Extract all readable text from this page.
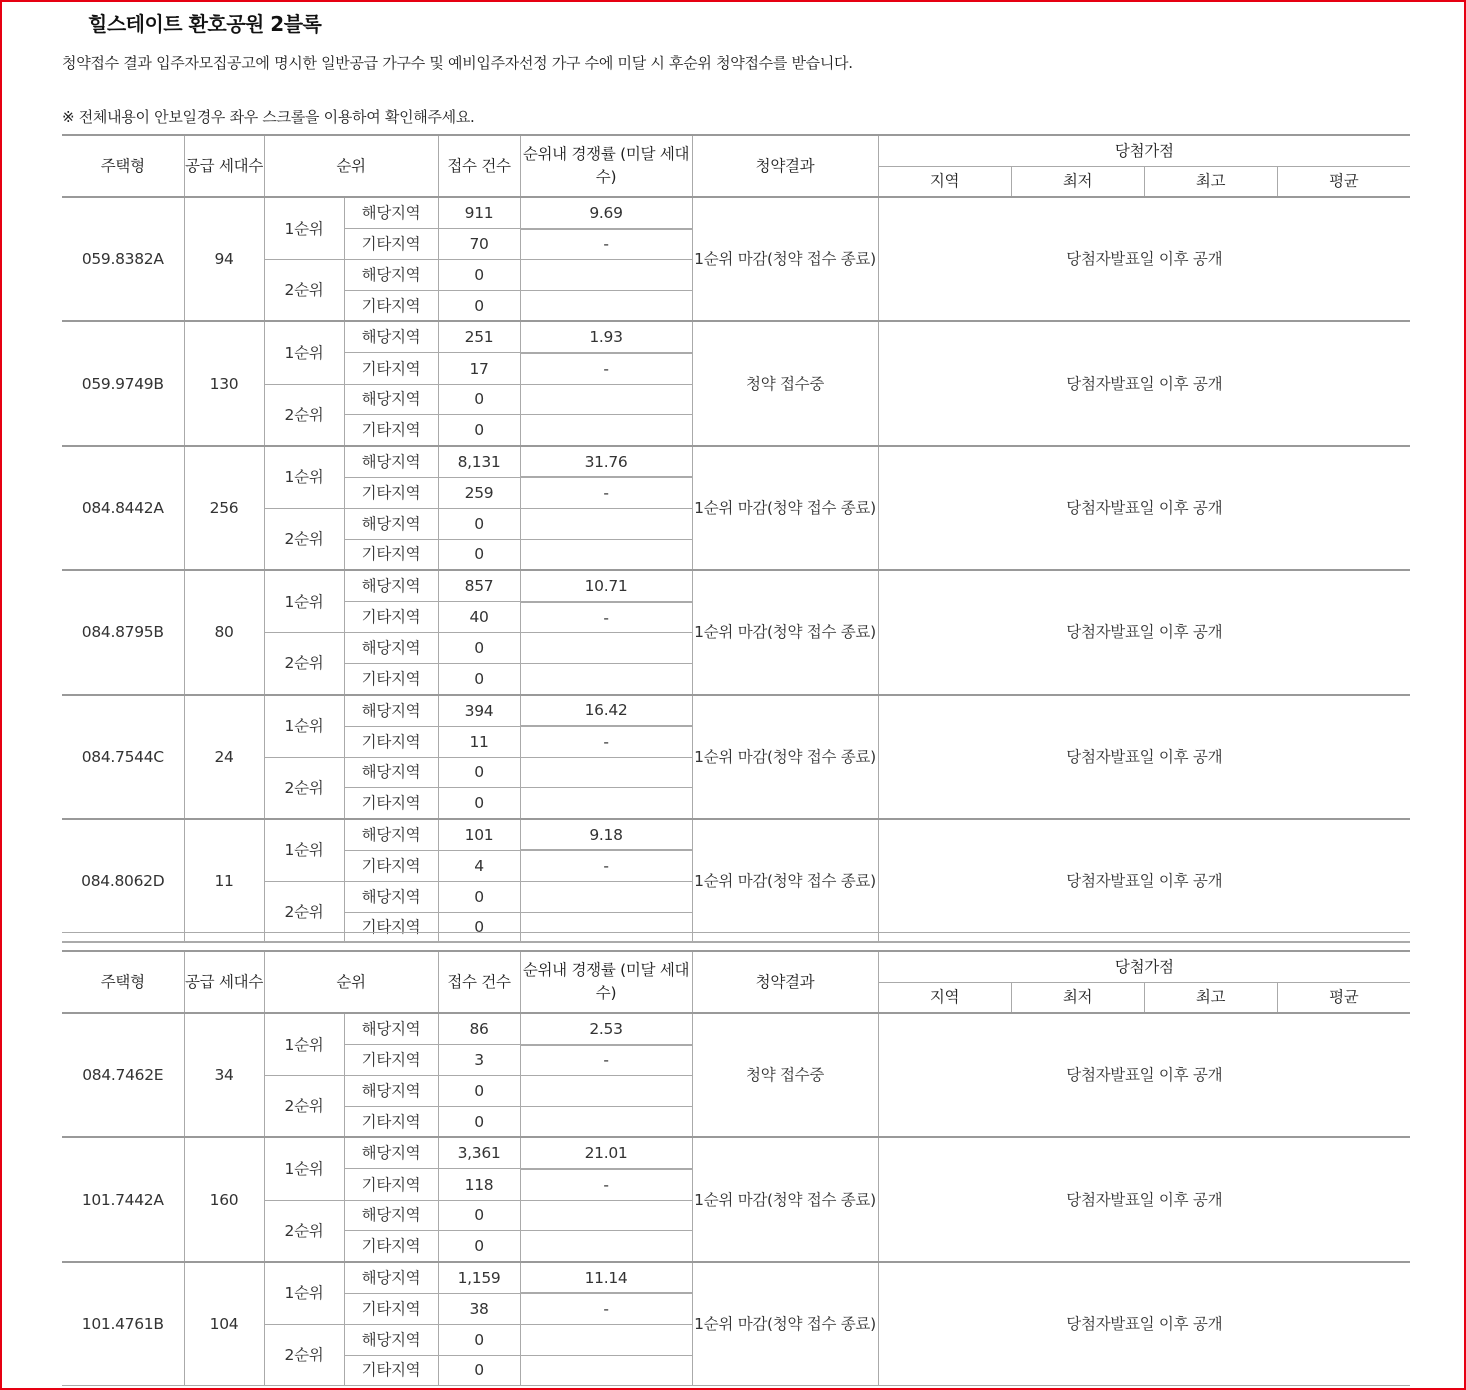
힐스테이트 환호공원 2블록
청약접수 결과 입주자모집공고에 명시한 일반공급 가구수 및 예비입주자선정 가구 수에 미달 시 후순위 청약접수를 받습니다.
※ 전체내용이 안보일경우 좌우 스크롤을 이용하여 확인해주세요.
주택형	공급 세대수	순위		접수 건수	순위내 경쟁률 (미달 세대수)	청약결과	당첨가점			
							지역	최저	최고	평균
059.8382A	94	1순위	해당지역	911	9.69	1순위 마감(청약 접수 종료)	당첨자발표일 이후 공개			
			기타지역	70	-					
		2순위	해당지역	0						
			기타지역	0						
059.9749B	130	1순위	해당지역	251	1.93	청약 접수중	당첨자발표일 이후 공개			
			기타지역	17	-					
		2순위	해당지역	0						
			기타지역	0						
084.8442A	256	1순위	해당지역	8,131	31.76	1순위 마감(청약 접수 종료)	당첨자발표일 이후 공개			
			기타지역	259	-					
		2순위	해당지역	0						
			기타지역	0						
084.8795B	80	1순위	해당지역	857	10.71	1순위 마감(청약 접수 종료)	당첨자발표일 이후 공개			
			기타지역	40	-					
		2순위	해당지역	0						
			기타지역	0						
084.7544C	24	1순위	해당지역	394	16.42	1순위 마감(청약 접수 종료)	당첨자발표일 이후 공개			
			기타지역	11	-					
		2순위	해당지역	0						
			기타지역	0						
084.8062D	11	1순위	해당지역	101	9.18	1순위 마감(청약 접수 종료)	당첨자발표일 이후 공개			
			기타지역	4	-					
		2순위	해당지역	0						
			기타지역	0						
주택형	공급 세대수	순위		접수 건수	순위내 경쟁률 (미달 세대수)	청약결과	당첨가점			
							지역	최저	최고	평균
084.7462E	34	1순위	해당지역	86	2.53	청약 접수중	당첨자발표일 이후 공개			
			기타지역	3	-					
		2순위	해당지역	0						
			기타지역	0						
101.7442A	160	1순위	해당지역	3,361	21.01	1순위 마감(청약 접수 종료)	당첨자발표일 이후 공개			
			기타지역	118	-					
		2순위	해당지역	0						
			기타지역	0						
101.4761B	104	1순위	해당지역	1,159	11.14	1순위 마감(청약 접수 종료)	당첨자발표일 이후 공개			
			기타지역	38	-					
		2순위	해당지역	0						
			기타지역	0						
